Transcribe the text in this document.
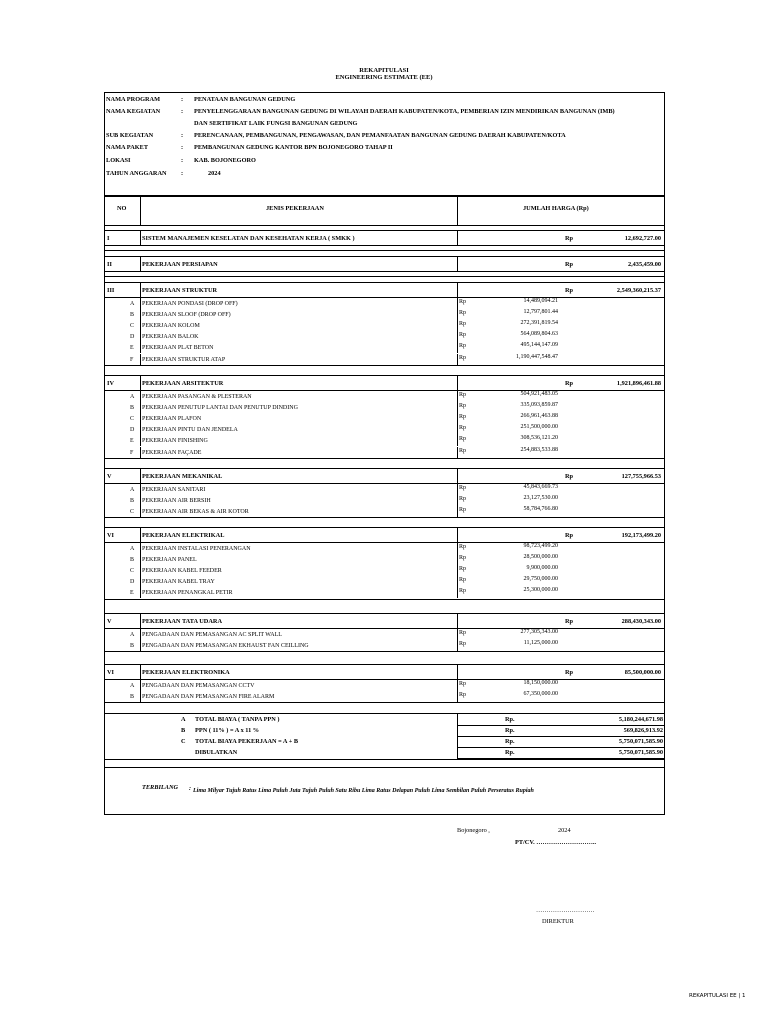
REKAPITULASI
ENGINEERING ESTIMATE (EE)
NAMA PROGRAM	: PENATAAN BANGUNAN GEDUNG
NAMA KEGIATAN	: PENYELENGGARAAN BANGUNAN GEDUNG DI WILAYAH DAERAH KABUPATEN/KOTA, PEMBERIAN IZIN MENDIRIKAN BANGUNAN (IMB)
DAN SERTIFIKAT LAIK FUNGSI BANGUNAN GEDUNG
SUB KEGIATAN	: PERENCANAAN, PEMBANGUNAN, PENGAWASAN, DAN PEMANFAATAN BANGUNAN GEDUNG DAERAH KABUPATEN/KOTA
NAMA PAKET	: PEMBANGUNAN GEDUNG KANTOR BPN BOJONEGORO TAHAP II
LOKASI	: KAB. BOJONEGORO
TAHUN ANGGARAN :	2024
NO	JENIS PEKERJAAN	JUMLAH HARGA (Rp)
I	SISTEM MANAJEMEN KESELATAN DAN KESEHATAN KERJA ( SMKK )	Rp	12,692,727.00
II	PEKERJAAN PERSIAPAN	Rp	2,435,459.00
III	PEKERJAAN STRUKTUR	Rp	2,549,360,215.37
A PEKERJAAN PONDASI (DROP OFF)	Rp	14,489,094.21
B PEKERJAAN SLOOF (DROP OFF)	Rp	12,797,801.44
C PEKERJAAN KOLOM	Rp	272,391,819.54
D PEKERJAAN BALOK	Rp	564,089,804.63
E PEKERJAAN PLAT BETON	Rp	495,144,147.09
F PEKERJAAN STRUKTUR ATAP	Rp	1,190,447,548.47
IV	PEKERJAAN ARSITEKTUR	Rp	1,921,896,461.88
A PEKERJAAN PASANGAN & PLESTERAN	Rp	504,921,483.05
B PEKERJAAN PENUTUP LANTAI DAN PENUTUP DINDING	Rp	335,093,859.87
C PEKERJAAN PLAFON	Rp	266,961,463.88
D PEKERJAAN PINTU DAN JENDELA	Rp	251,500,000.00
E PEKERJAAN FINISHING	Rp	308,536,121.20
F PEKERJAAN FAÇADE	Rp	254,883,533.88
V	PEKERJAAN MEKANIKAL	Rp	127,755,966.53
A PEKERJAAN SANITARI	Rp	45,843,669.73
B PEKERJAAN AIR BERSIH	Rp	23,127,530.00
C PEKERJAAN AIR BEKAS & AIR KOTOR	Rp	58,784,766.80
VI	PEKERJAAN ELEKTRIKAL	Rp	192,173,499.20
A PEKERJAAN INSTALASI PENERANGAN	Rp	98,723,499.20
B PEKERJAAN PANEL	Rp	28,500,000.00
C PEKERJAAN KABEL FEEDER	Rp	9,900,000.00
D PEKERJAAN KABEL TRAY	Rp	29,750,000.00
E PEKERJAAN PENANGKAL PETIR	Rp	25,300,000.00
V	PEKERJAAN TATA UDARA	Rp	288,430,343.00
A PENGADAAN DAN PEMASANGAN AC SPLIT WALL	Rp	277,305,343.00
B PENGADAAN DAN PEMASANGAN EKHAUST FAN CEILLING	Rp	11,125,000.00
VI	PEKERJAAN ELEKTRONIKA	Rp	85,500,000.00
A PENGADAAN DAN PEMASANGAN CCTV	Rp	18,150,000.00
B PENGADAAN DAN PEMASANGAN FIRE ALARM	Rp	67,350,000.00
A TOTAL BIAYA ( TANPA PPN )	Rp.	5,180,244,671.98
B PPN ( 11% ) = A x 11 %	Rp.	569,826,913.92
C TOTAL BIAYA PEKERJAAN = A + B	Rp.	5,750,071,585.90
DIBULATKAN	Rp.	5,750,071,585.90
TERBILANG : Lima Milyar Tujuh Ratus Lima Puluh Juta Tujuh Puluh Satu Ribu Lima Ratus Delapan Puluh Lima Sembilan Puluh Perseratus Rupiah
Bojonegoro ,	2024
PT/CV. ………………………..
……………………….
DIREKTUR
REKAPITULASI EE | 1
